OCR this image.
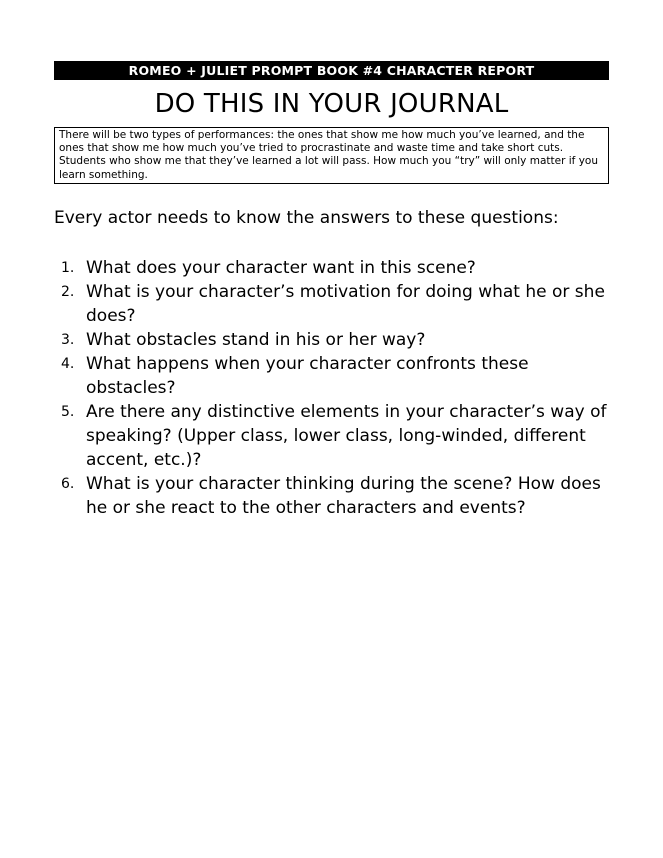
ROMEO + JULIET PROMPT BOOK #4 CHARACTER REPORT
DO THIS IN YOUR JOURNAL
There will be two types of performances: the ones that show me how much you’ve learned, and the ones that show me how much you’ve tried to procrastinate and waste time and take short cuts. Students who show me that they’ve learned a lot will pass. How much you “try” will only matter if you learn something.
Every actor needs to know the answers to these questions:
1. What does your character want in this scene?
2. What is your character’s motivation for doing what he or she does?
3. What obstacles stand in his or her way?
4. What happens when your character confronts these obstacles?
5. Are there any distinctive elements in your character’s way of speaking? (Upper class, lower class, long-winded, different accent, etc.)?
6. What is your character thinking during the scene? How does he or she react to the other characters and events?
